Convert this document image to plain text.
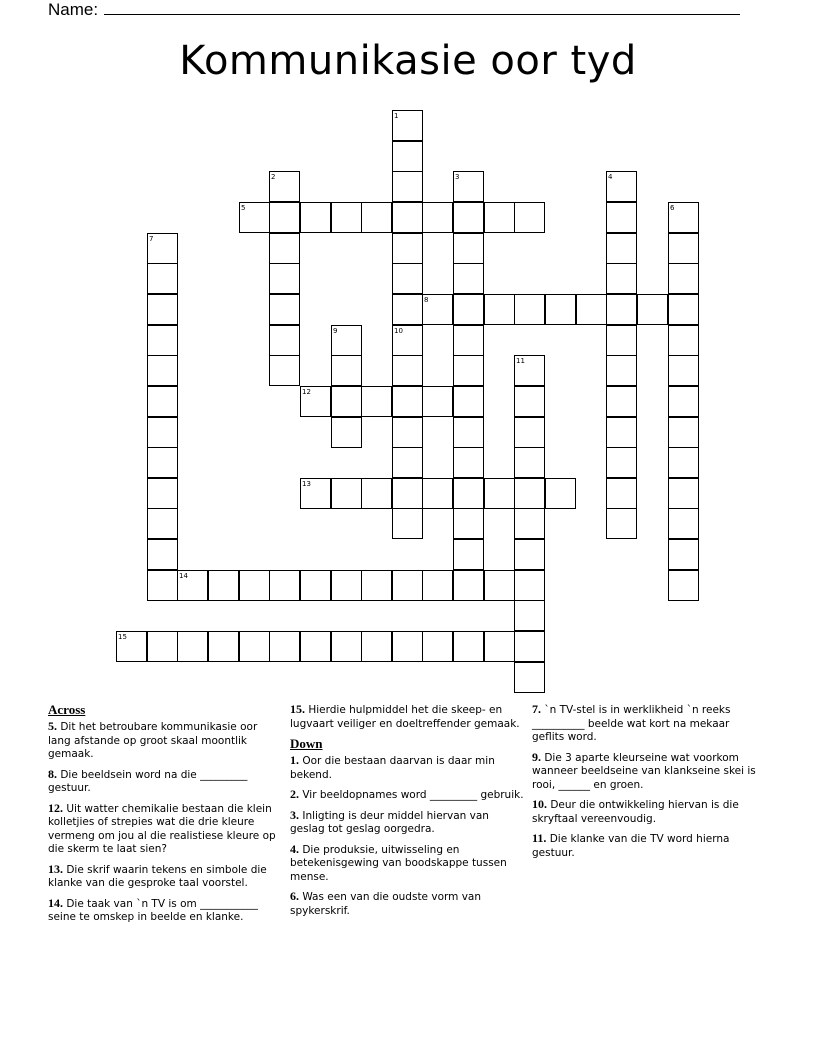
Name:
Kommunikasie oor tyd
5
8
12
13
14
15
1
2	3	4
6
7
9	10
11
Across
5. Dit het betroubare kommunikasie oor lang afstande op groot skaal moontlik gemaak.
8. Die beeldsein word na die _________ gestuur.
12. Uit watter chemikalie bestaan die klein kolletjies of strepies wat die drie kleure vermeng om jou al die realistiese kleure op die skerm te laat sien?
13. Die skrif waarin tekens en simbole die klanke van die gesproke taal voorstel.
14. Die taak van `n TV is om ___________ seine te omskep in beelde en klanke.
15. Hierdie hulpmiddel het die skeep- en lugvaart veiliger en doeltreffender gemaak.
Down
1. Oor die bestaan daarvan is daar min bekend.
2. Vir beeldopnames word _________ gebruik.
3. Inligting is deur middel hiervan van geslag tot geslag oorgedra.
4. Die produksie, uitwisseling en betekenisgewing van boodskappe tussen mense.
6. Was een van die oudste vorm van spykerskrif.
7. `n TV-stel is in werklikheid `n reeks __________ beelde wat kort na mekaar geflits word.
9. Die 3 aparte kleurseine wat voorkom wanneer beeldseine van klankseine skei is rooi, ______ en groen.
10. Deur die ontwikkeling hiervan is die skryftaal vereenvoudig.
11. Die klanke van die TV word hierna gestuur.
